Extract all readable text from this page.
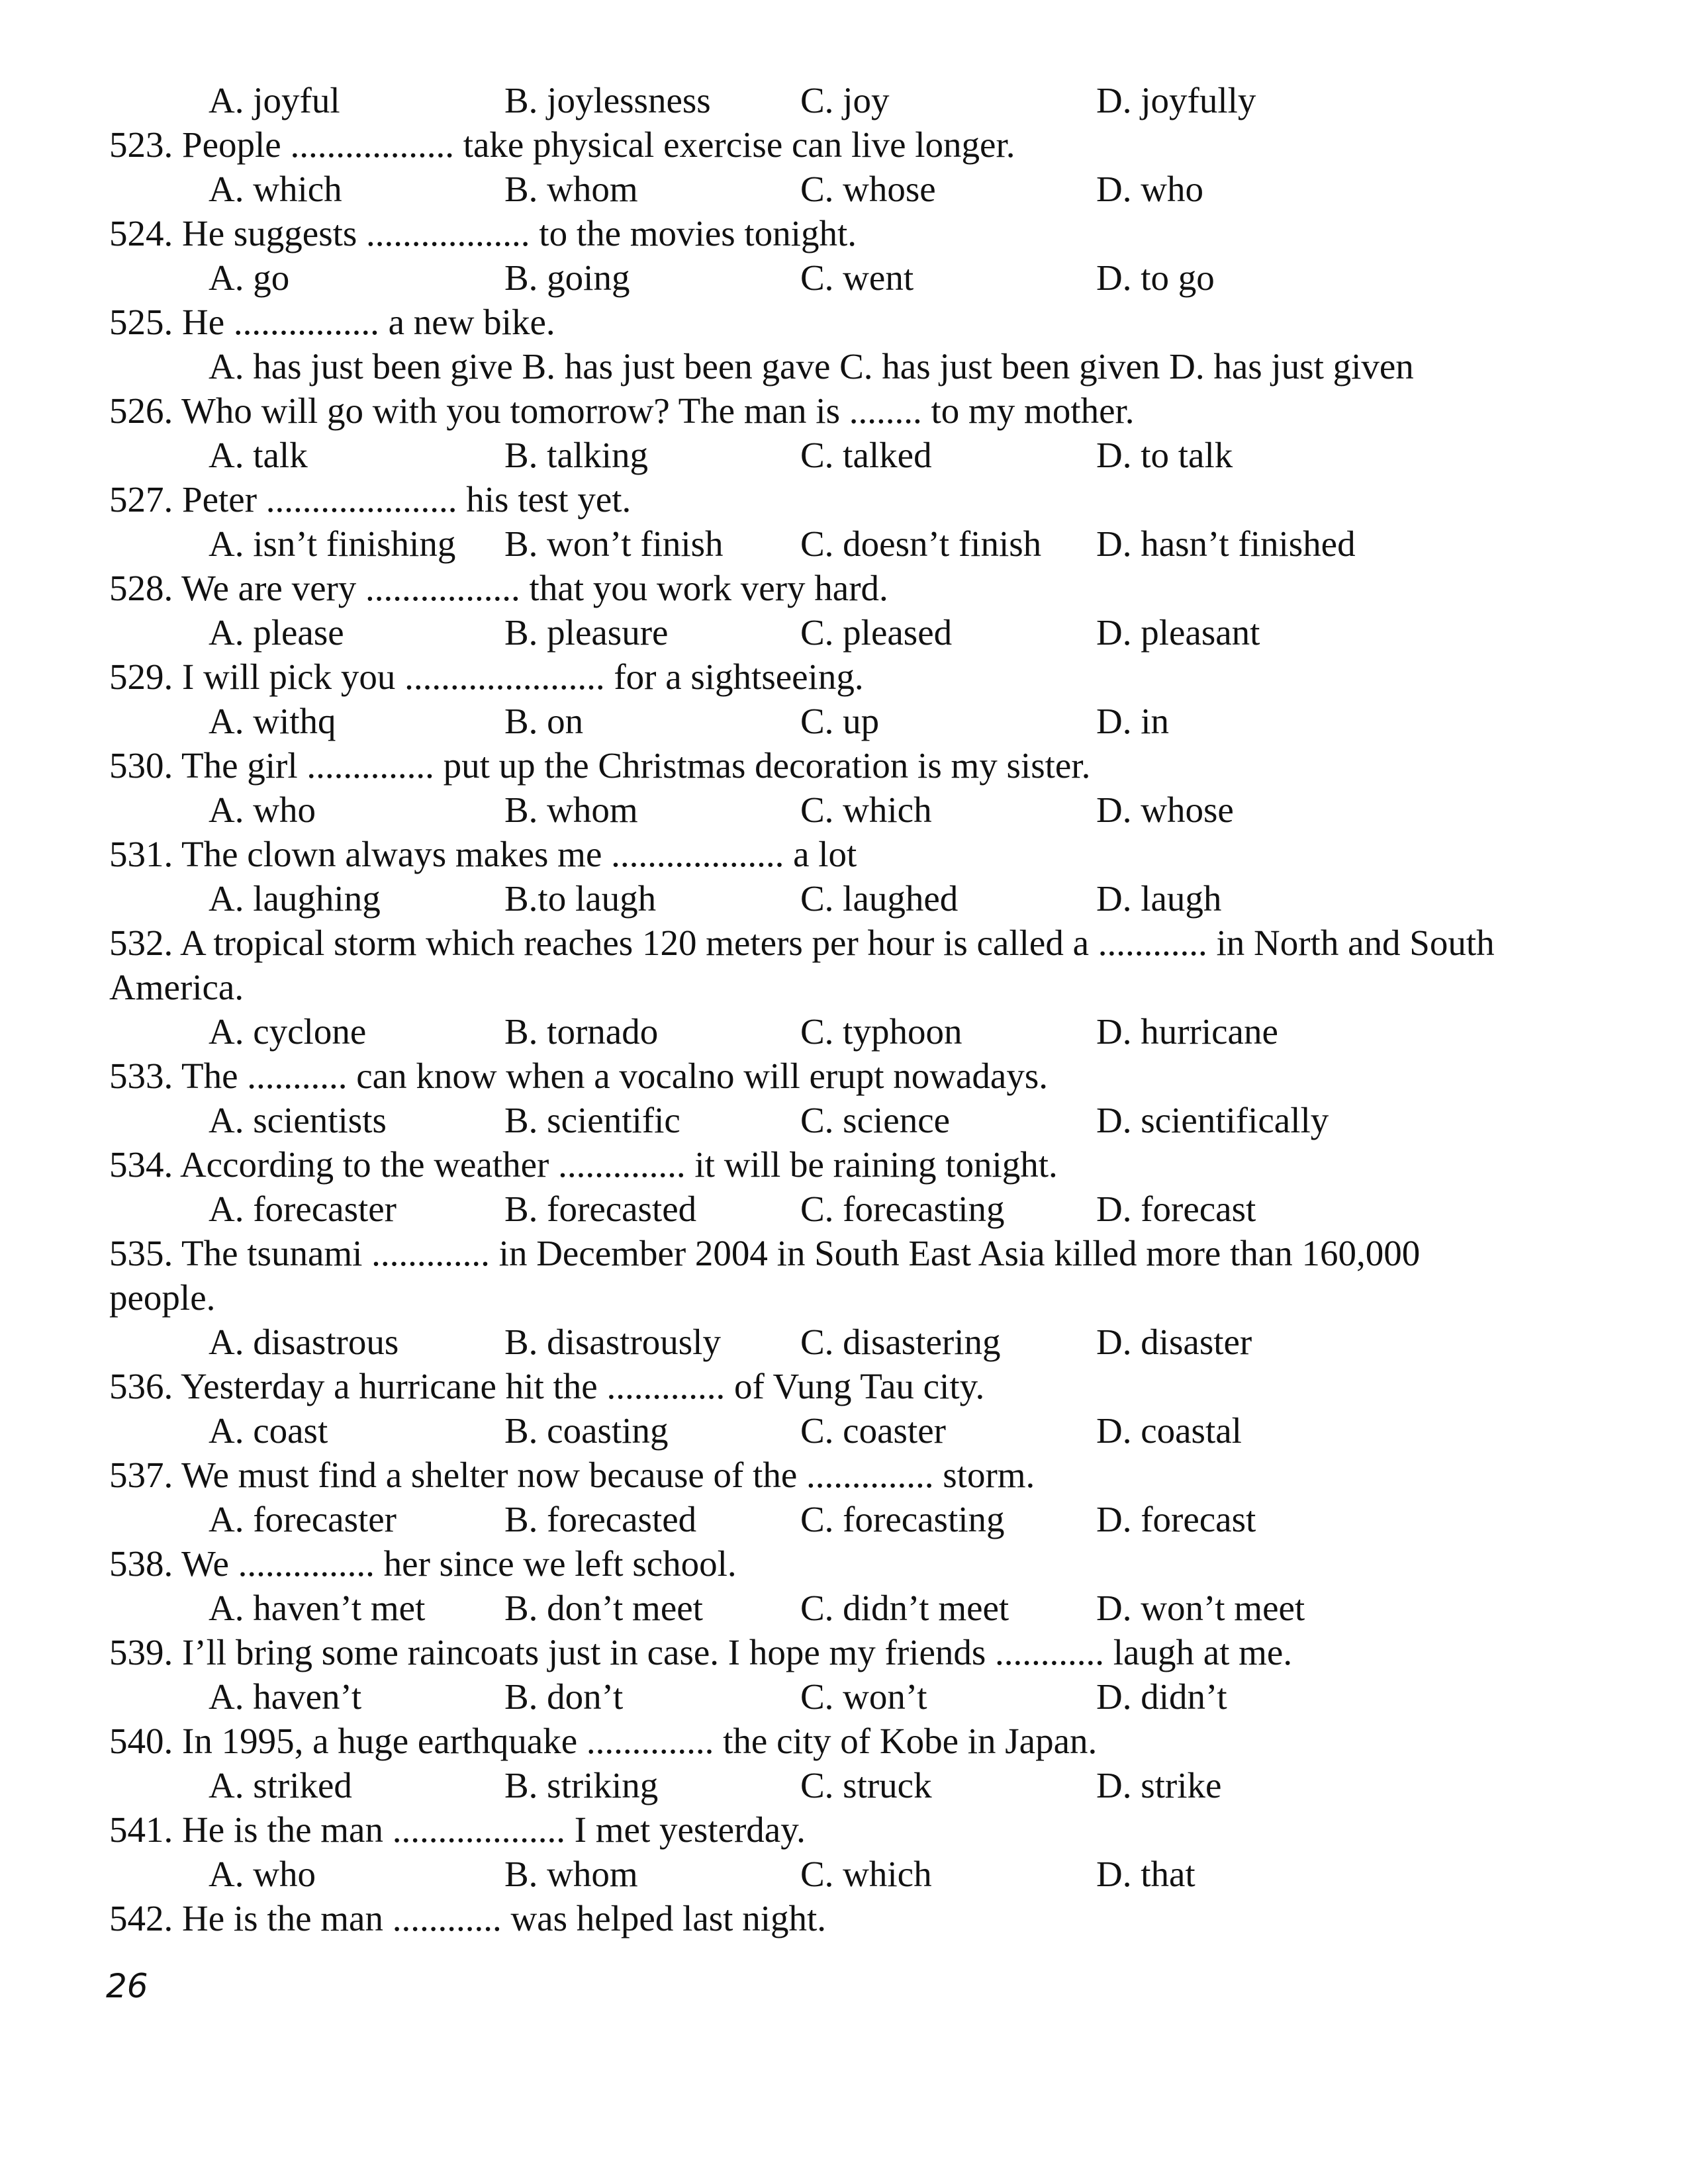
A. joyful	B. joylessness C. joy	D. joyfully
523. People .................. take physical exercise can live longer.
A. which	B. whom	C. whose	D. who
524. He suggests .................. to the movies tonight.
A. go	B. going	C. went	D. to go
525. He ................ a new bike.
A. has just been give B. has just been gave C. has just been given D. has just given
526. Who will go with you tomorrow? The man is ........ to my mother.
A. talk	B. talking	C. talked	D. to talk
527. Peter ..................... his test yet.
A. isn’t finishing B. won’t finish C. doesn’t finish D. hasn’t finished
528. We are very ................. that you work very hard.
A. please	B. pleasure	C. pleased	D. pleasant
529. I will pick you ...................... for a sightseeing.
A. withq	B. on	C. up	D. in
530. The girl .............. put up the Christmas decoration is my sister.
A. who	B. whom	C. which	D. whose
531. The clown always makes me ................... a lot
A. laughing	B.to laugh	C. laughed	D. laugh
532. A tropical storm which reaches 120 meters per hour is called a ............ in North and South
America.
A. cyclone	B. tornado	C. typhoon	D. hurricane
533. The ........... can know when a vocalno will erupt nowadays.
A. scientists	B. scientific	C. science	D. scientifically
534. According to the weather .............. it will be raining tonight.
A. forecaster	B. forecasted	C. forecasting	D. forecast
535. The tsunami ............. in December 2004 in South East Asia killed more than 160,000
people.
A. disastrous	B. disastrously C. disastering	D. disaster
536. Yesterday a hurricane hit the ............. of Vung Tau city.
A. coast	B. coasting	C. coaster	D. coastal
537. We must find a shelter now because of the .............. storm.
A. forecaster	B. forecasted	C. forecasting	D. forecast
538. We ............... her since we left school.
A. haven’t met B. don’t meet	C. didn’t meet D. won’t meet
539. I’ll bring some raincoats just in case. I hope my friends ............ laugh at me.
A. haven’t	B. don’t	C. won’t	D. didn’t
540. In 1995, a huge earthquake .............. the city of Kobe in Japan.
A. striked	B. striking	C. struck	D. strike
541. He is the man ................... I met yesterday.
A. who	B. whom	C. which	D. that
542. He is the man ............ was helped last night.
26
